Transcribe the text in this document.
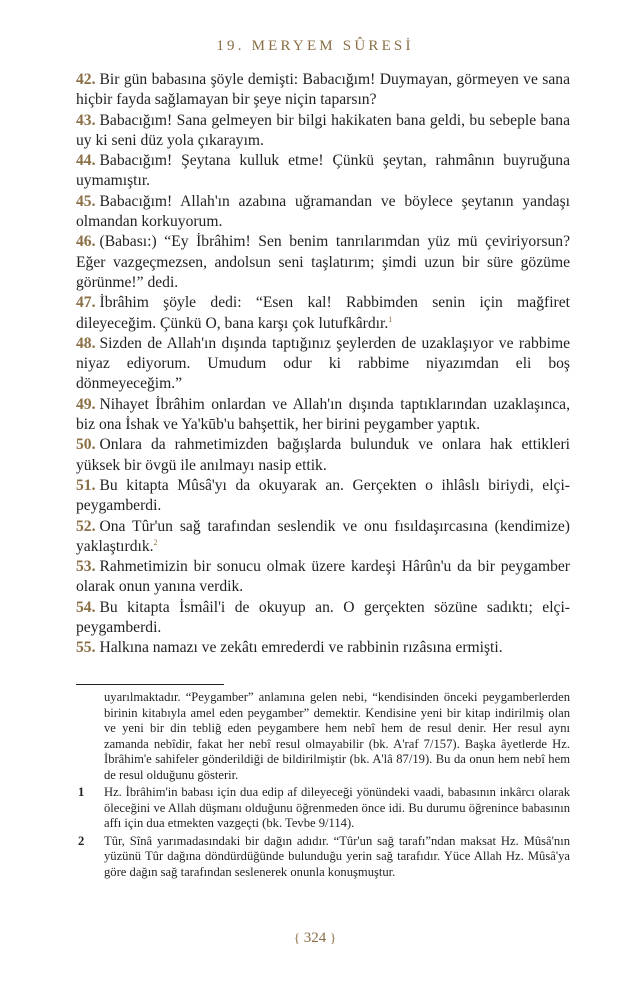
19. MERYEM SÛRESİ

42. Bir gün babasına şöyle demişti: Babacığım! Duymayan, görmeyen ve sana hiçbir fayda sağlamayan bir şeye niçin taparsın?

43. Babacığım! Sana gelmeyen bir bilgi hakikaten bana geldi, bu sebeple bana uy ki seni düz yola çıkarayım.

44. Babacığım! Şeytana kulluk etme! Çünkü şeytan, rahmânın buyruğuna uymamıştır.

45. Babacığım! Allah'ın azabına uğramandan ve böylece şeytanın yandaşı olmandan korkuyorum.

46. (Babası:) “Ey İbrâhim! Sen benim tanrılarımdan yüz mü çeviriyorsun? Eğer vazgeçmezsen, andolsun seni taşlatırım; şimdi uzun bir süre gözüme görünme!” dedi.

47. İbrâhim şöyle dedi: “Esen kal! Rabbimden senin için mağfiret dileyeceğim. Çünkü O, bana karşı çok lutufkârdır.$^1$

48. Sizden de Allah'ın dışında taptığınız şeylerden de uzaklaşıyor ve rabbime niyaz ediyorum. Umudum odur ki rabbime niyazımdan eli boş dönmeyeceğim.”

49. Nihayet İbrâhim onlardan ve Allah'ın dışında taptıklarından uzaklaşınca, biz ona İshak ve Ya'kūb'u bahşettik, her birini peygamber yaptık.

50. Onlara da rahmetimizden bağışlarda bulunduk ve onlara hak ettikleri yüksek bir övgü ile anılmayı nasip ettik.

51. Bu kitapta Mûsâ'yı da okuyarak an. Gerçekten o ihlâslı biriydi, elçi-peygamberdi.

52. Ona Tûr'un sağ tarafından seslendik ve onu fısıldaşırcasına (kendimize) yaklaştırdık.$^2$

53. Rahmetimizin bir sonucu olmak üzere kardeşi Hârûn'u da bir peygamber olarak onun yanına verdik.

54. Bu kitapta İsmâil'i de okuyup an. O gerçekten sözüne sadıktı; elçi-peygamberdi.

55. Halkına namazı ve zekâtı emrederdi ve rabbinin rızâsına ermişti.

uyarılmaktadır. “Peygamber” anlamına gelen nebi, “kendisinden önceki peygamberlerden birinin kitabıyla amel eden peygamber” demektir. Kendisine yeni bir kitap indirilmiş olan ve yeni bir din tebliğ eden peygambere hem nebî hem de resul denir. Her resul aynı zamanda nebîdir, fakat her nebî resul olmayabilir (bk. A'raf 7/157). Başka âyetlerde Hz. İbrâhim'e sahifeler gönderildiği de bildirilmiştir (bk. A'lâ 87/19). Bu da onun hem nebî hem de resul olduğunu gösterir.

1 Hz. İbrâhim'in babası için dua edip af dileyeceği yönündeki vaadi, babasının inkârcı olarak öleceğini ve Allah düşmanı olduğunu öğrenmeden önce idi. Bu durumu öğrenince babasının affı için dua etmekten vazgeçti (bk. Tevbe 9/114).

2 Tûr, Sînâ yarımadasındaki bir dağın adıdır. “Tûr'un sağ tarafı”ndan maksat Hz. Mûsâ'nın yüzünü Tûr dağına döndürdüğünde bulunduğu yerin sağ tarafıdır. Yüce Allah Hz. Mûsâ'ya göre dağın sağ tarafından seslenerek onunla konuşmuştur.

{ 324 }
